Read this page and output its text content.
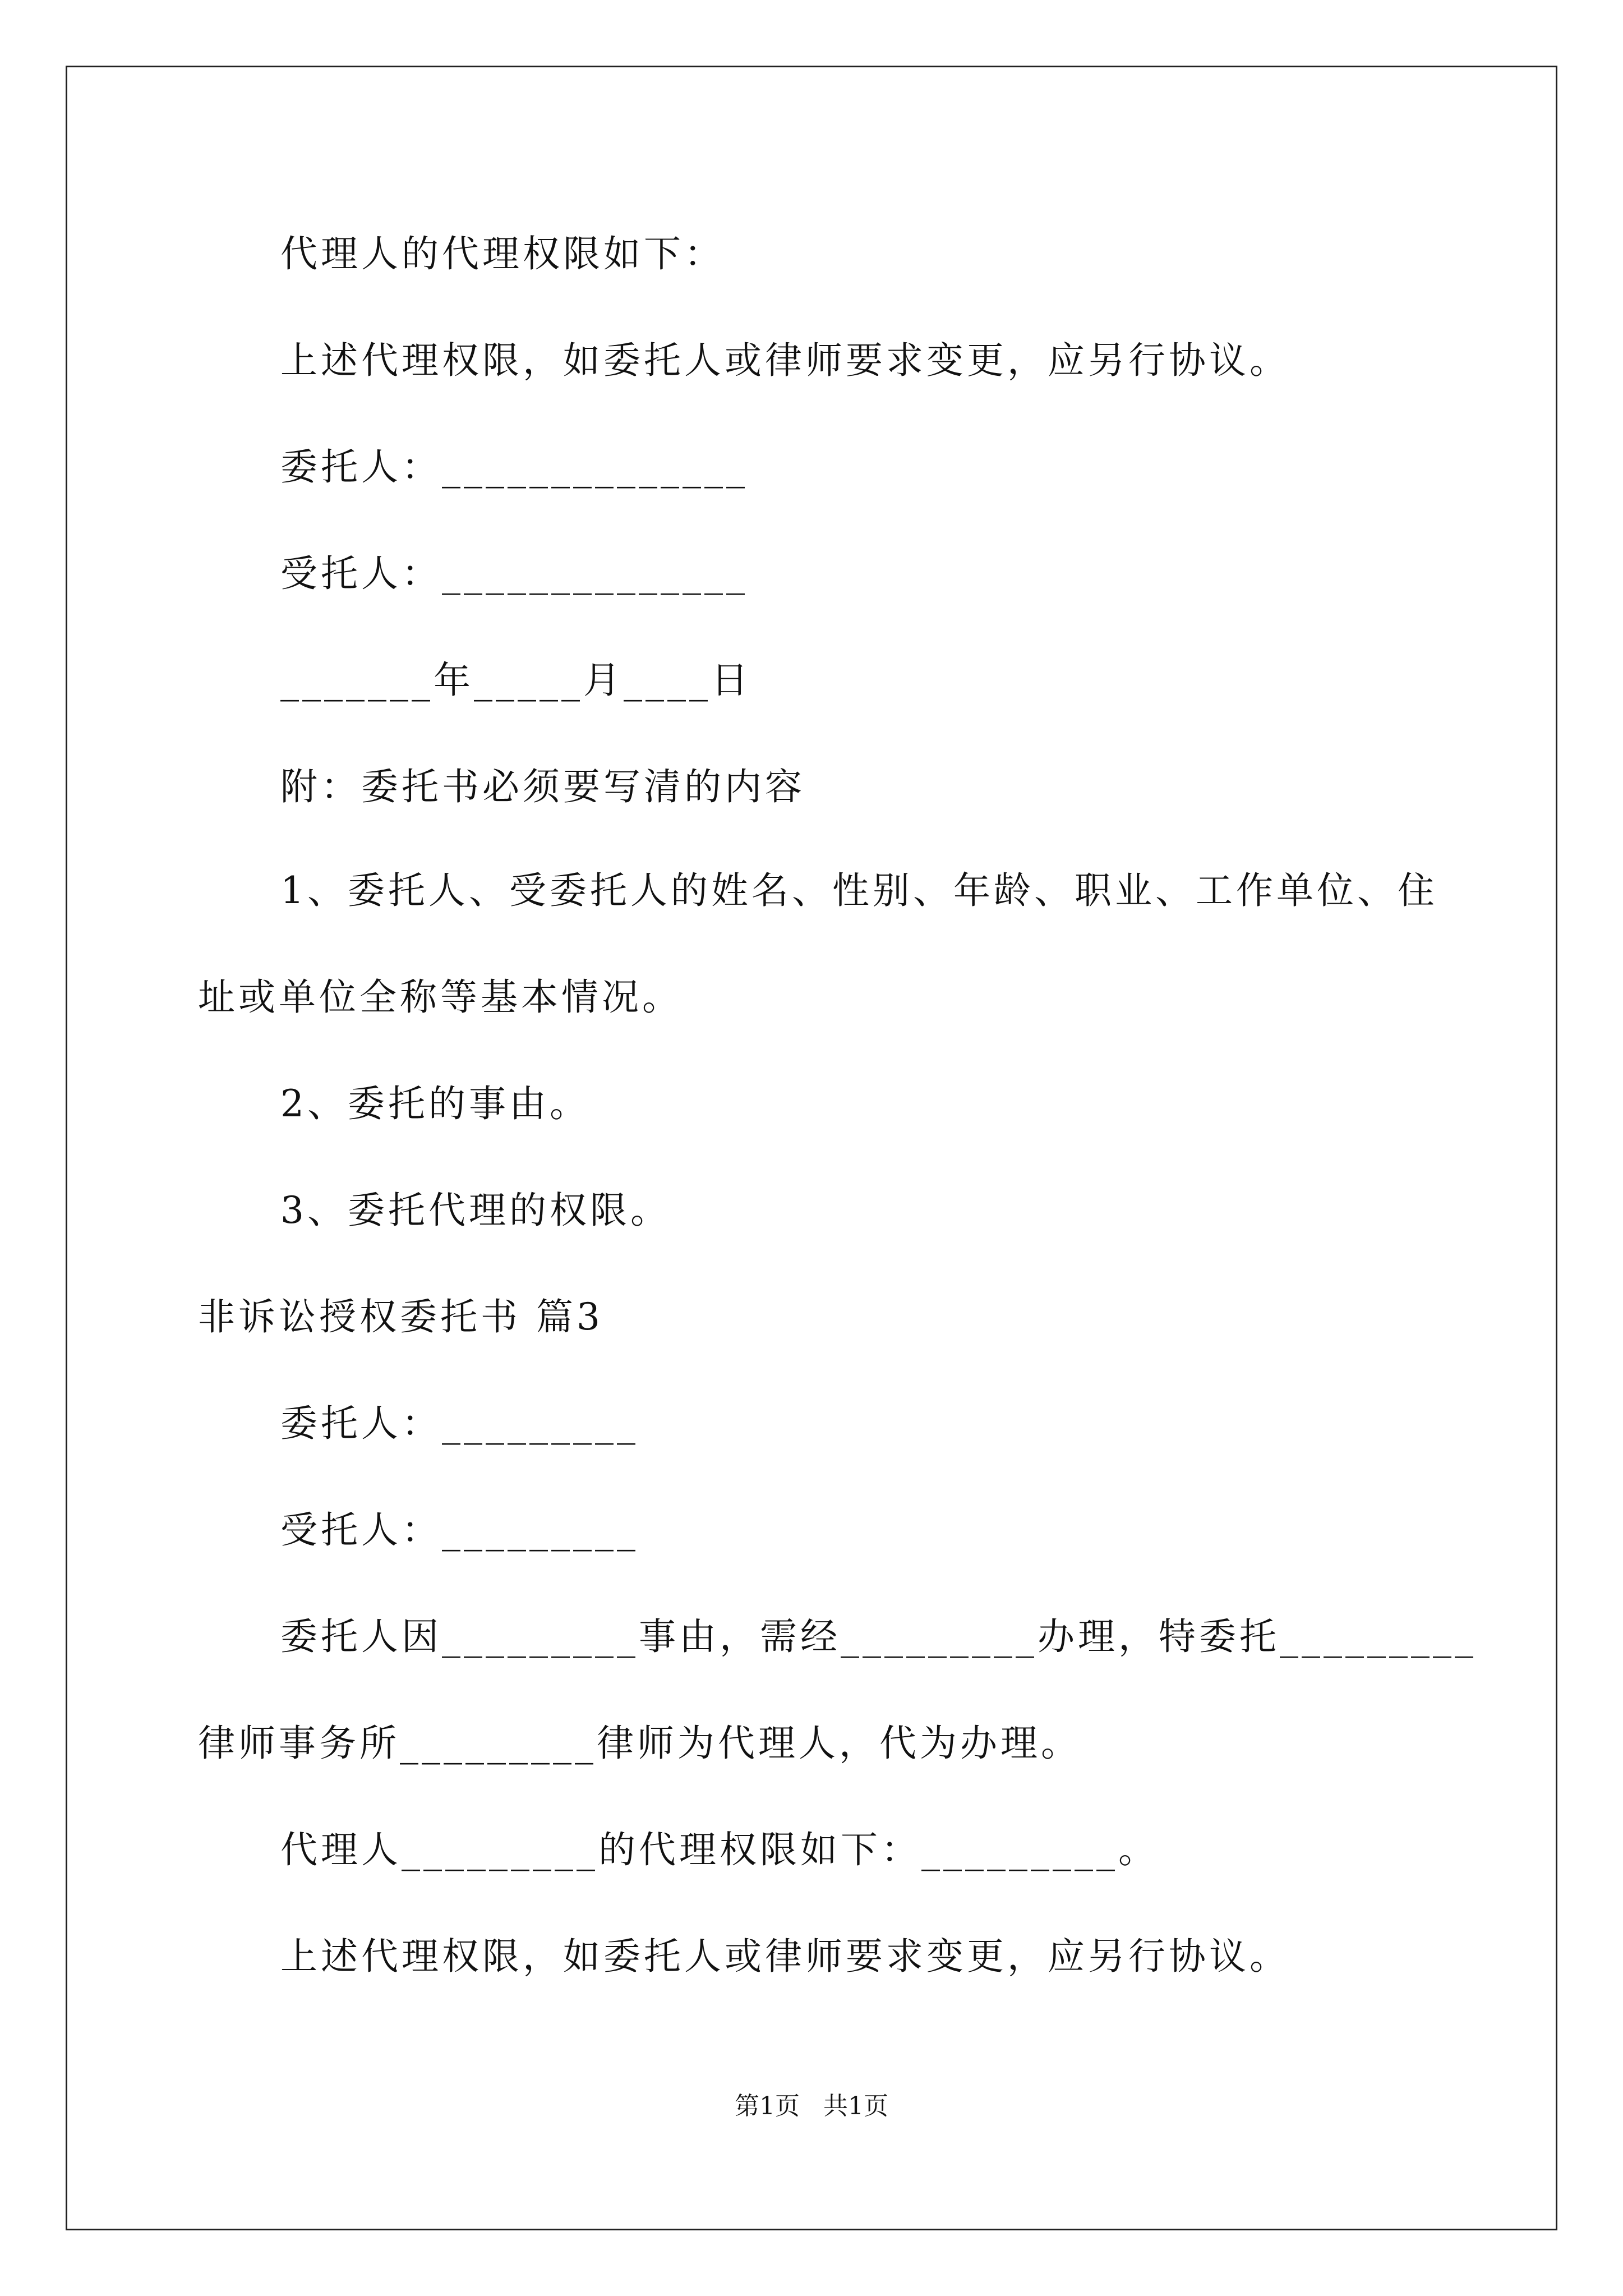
代理人的代理权限如下：
上述代理权限，如委托人或律师要求变更，应另行协议。
委托人：______________
受托人：______________
_______年_____月____日
附：委托书必须要写清的内容
1、委托人、受委托人的姓名、性别、年龄、职业、工作单位、住
址或单位全称等基本情况。
2、委托的事由。
3、委托代理的权限。
非诉讼授权委托书 篇3
委托人：_________
受托人：_________
委托人因_________事由，需经_________办理，特委托_________
律师事务所_________律师为代理人，代为办理。
代理人_________的代理权限如下：_________。
上述代理权限，如委托人或律师要求变更，应另行协议。
第1页   共1页
